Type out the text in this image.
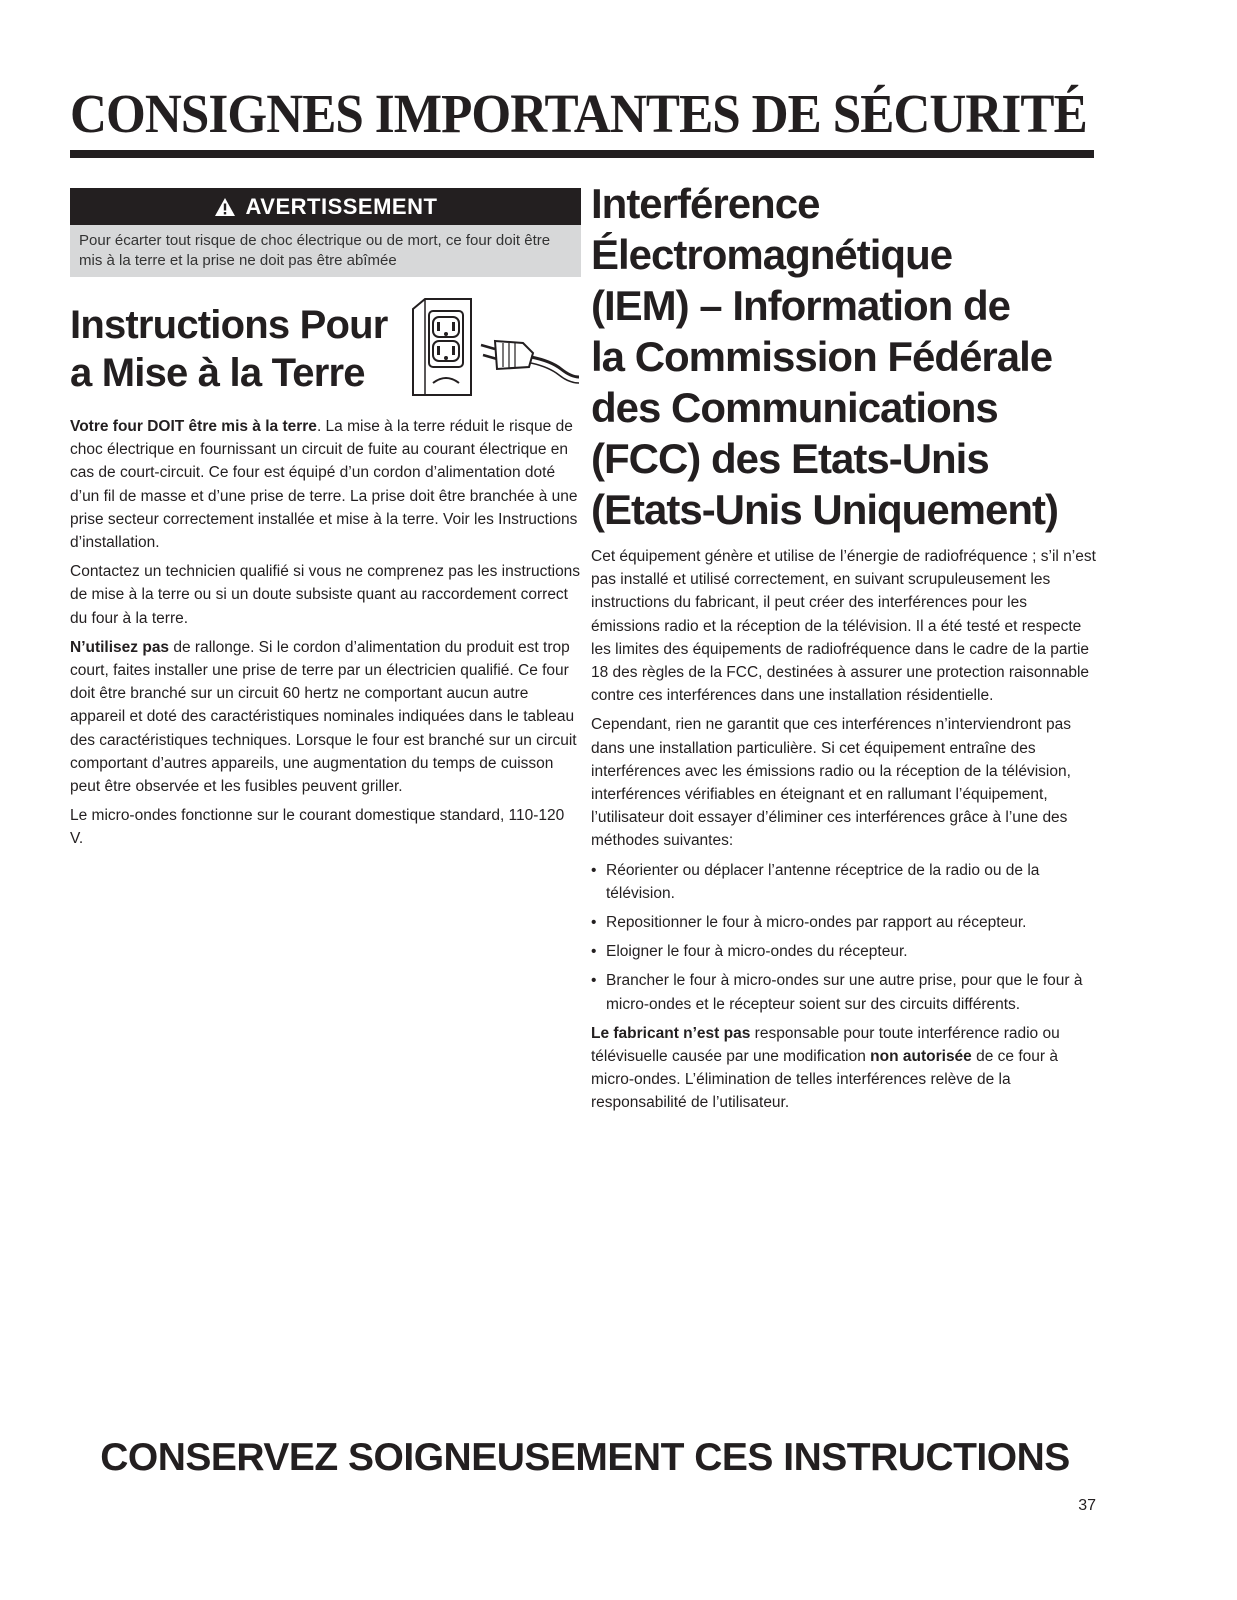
CONSIGNES IMPORTANTES DE SÉCURITÉ
AVERTISSEMENT
Pour écarter tout risque de choc électrique ou de mort, ce four doit être mis à la terre et la prise ne doit pas être abîmée
Instructions Pour
a Mise à la Terre

Votre four DOIT être mis à la terre. La mise à la terre réduit le risque de choc électrique en fournissant un circuit de fuite au courant électrique en cas de court-circuit. Ce four est équipé d’un cordon d’alimentation doté d’un fil de masse et d’une prise de terre. La prise doit être branchée à une prise secteur correctement installée et mise à la terre. Voir les Instructions d’installation.

Contactez un technicien qualifié si vous ne comprenez pas les instructions de mise à la terre ou si un doute subsiste quant au raccordement correct du four à la terre.

N’utilisez pas de rallonge. Si le cordon d’alimentation du produit est trop court, faites installer une prise de terre par un électricien qualifié. Ce four doit être branché sur un circuit 60 hertz ne comportant aucun autre appareil et doté des caractéristiques nominales indiquées dans le tableau des caractéristiques techniques. Lorsque le four est branché sur un circuit comportant d’autres appareils, une augmentation du temps de cuisson peut être observée et les fusibles peuvent griller.

Le micro-ondes fonctionne sur le courant domestique standard, 110-120 V.

Interférence
Électromagnétique
(IEM) – Information de
la Commission Fédérale
des Communications
(FCC) des Etats-Unis
(Etats-Unis Uniquement)

Cet équipement génère et utilise de l’énergie de radiofréquence ; s’il n’est pas installé et utilisé correctement, en suivant scrupuleusement les instructions du fabricant, il peut créer des interférences pour les émissions radio et la réception de la télévision. Il a été testé et respecte les limites des équipements de radiofréquence dans le cadre de la partie 18 des règles de la FCC, destinées à assurer une protection raisonnable contre ces interférences dans une installation résidentielle.

Cependant, rien ne garantit que ces interférences n’interviendront pas dans une installation particulière. Si cet équipement entraîne des interférences avec les émissions radio ou la réception de la télévision, interférences vérifiables en éteignant et en rallumant l’équipement, l’utilisateur doit essayer d’éliminer ces interférences grâce à l’une des méthodes suivantes:

• Réorienter ou déplacer l’antenne réceptrice de la radio ou de la télévision.
• Repositionner le four à micro-ondes par rapport au récepteur.
• Eloigner le four à micro-ondes du récepteur.
• Brancher le four à micro-ondes sur une autre prise, pour que le four à micro-ondes et le récepteur soient sur des circuits différents.

Le fabricant n’est pas responsable pour toute interférence radio ou télévisuelle causée par une modification non autorisée de ce four à micro-ondes. L’élimination de telles interférences relève de la responsabilité de l’utilisateur.

CONSERVEZ SOIGNEUSEMENT CES INSTRUCTIONS
37
